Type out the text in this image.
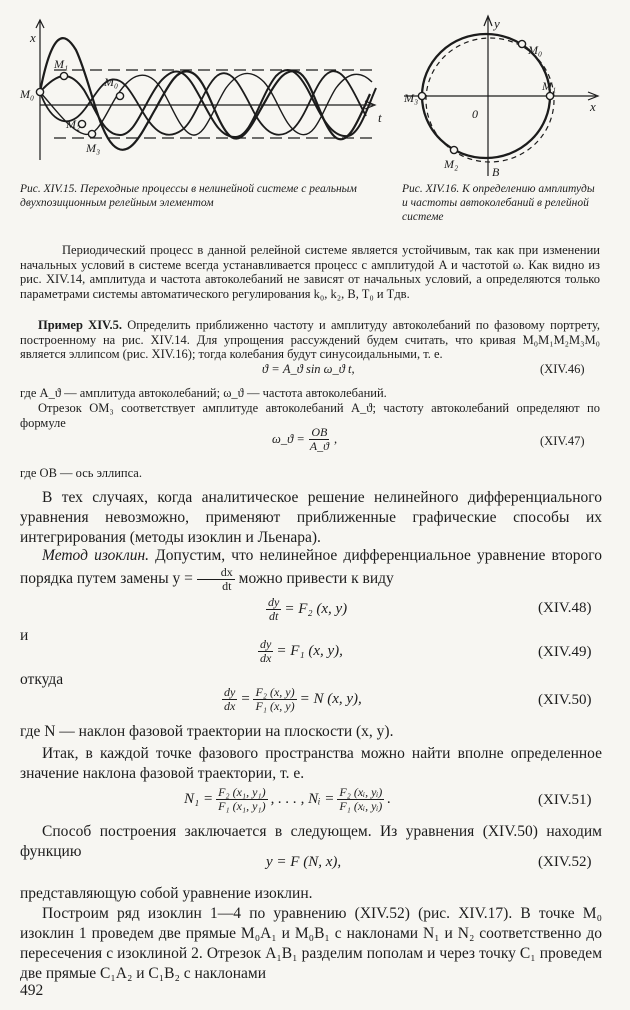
x
t
M₀
M₁
M₀
M₂
M₃
y
x
0
M₀
M₁
M₂
M₃
B
Рис. XIV.15. Переходные процессы в нелинейной системе с реальным двухпозиционным релейным элементом
Рис. XIV.16. К определению амплитуды и частоты автоколебаний в релейной системе
Периодический процесс в данной релейной системе является устойчивым, так как при изменении начальных условий в системе всегда устанавливается процесс с амплитудой A и частотой ω. Как видно из рис. XIV.14, амплитуда и частота автоколебаний не зависят от начальных условий, а определяются только параметрами системы автоматического регулирования k₀, k₂, B, T₀ и Tдв.
Пример XIV.5. Определить приближенно частоту и амплитуду автоколебаний по фазовому портрету, построенному на рис. XIV.14. Для упрощения рассуждений будем считать, что кривая M₀M₁M₂M₃M₀ является эллипсом (рис. XIV.16); тогда колебания будут синусоидальными, т. е.
ϑ = A_ϑ sin ω_ϑ t,	(XIV.46)
где A_ϑ — амплитуда автоколебаний; ω_ϑ — частота автоколебаний.
Отрезок OM₃ соответствует амплитуде автоколебаний A_ϑ; частоту автоколебаний определяют по формуле
ω_ϑ = $\frac{OB}{A\_ϑ}$ ,	(XIV.47)
где OB — ось эллипса.
В тех случаях, когда аналитическое решение нелинейного дифференциального уравнения невозможно, применяют приближенные графические способы их интегрирования (методы изоклин и Льенара).
Метод изоклин. Допустим, что нелинейное дифференциальное уравнение второго порядка путем замены $y = \frac{dx}{dt}$ можно привести к виду
$\frac{dy}{dt} = F_2$ (x, y)	(XIV.48)
и
$\frac{dy}{dx} = F_1$ (x, y),	(XIV.49)
откуда
$\frac{dy}{dx} = \frac{\text{F₂ (x, y)}}{\text{F₁ (x, y)}} = N$ (x, y),	(XIV.50)
где N — наклон фазовой траектории на плоскости (x, y).
Итак, в каждой точке фазового пространства можно найти вполне определенное значение наклона фазовой траектории, т. е.
$N_1 = \frac{\text{F₂ (x₁, y₁)}}{\text{F₁ (x₁, y₁)}}$ , . . . , Nᵢ = $\frac{\text{F₂ (xᵢ, yᵢ)}}{\text{F₁ (xᵢ, yᵢ)}}$ .	(XIV.51)
Способ построения заключается в следующем. Из уравнения (XIV.50) находим функцию
y = F (N, x),	(XIV.52)
представляющую собой уравнение изоклин.
Построим ряд изоклин 1—4 по уравнению (XIV.52) (рис. XIV.17). В точке M₀ изоклин 1 проведем две прямые M₀A₁ и M₀B₁ с наклонами N₁ и N₂ соответственно до пересечения с изоклиной 2. Отрезок A₁B₁ разделим пополам и через точку C₁ проведем две прямые C₁A₂ и C₁B₂ с наклонами
492
